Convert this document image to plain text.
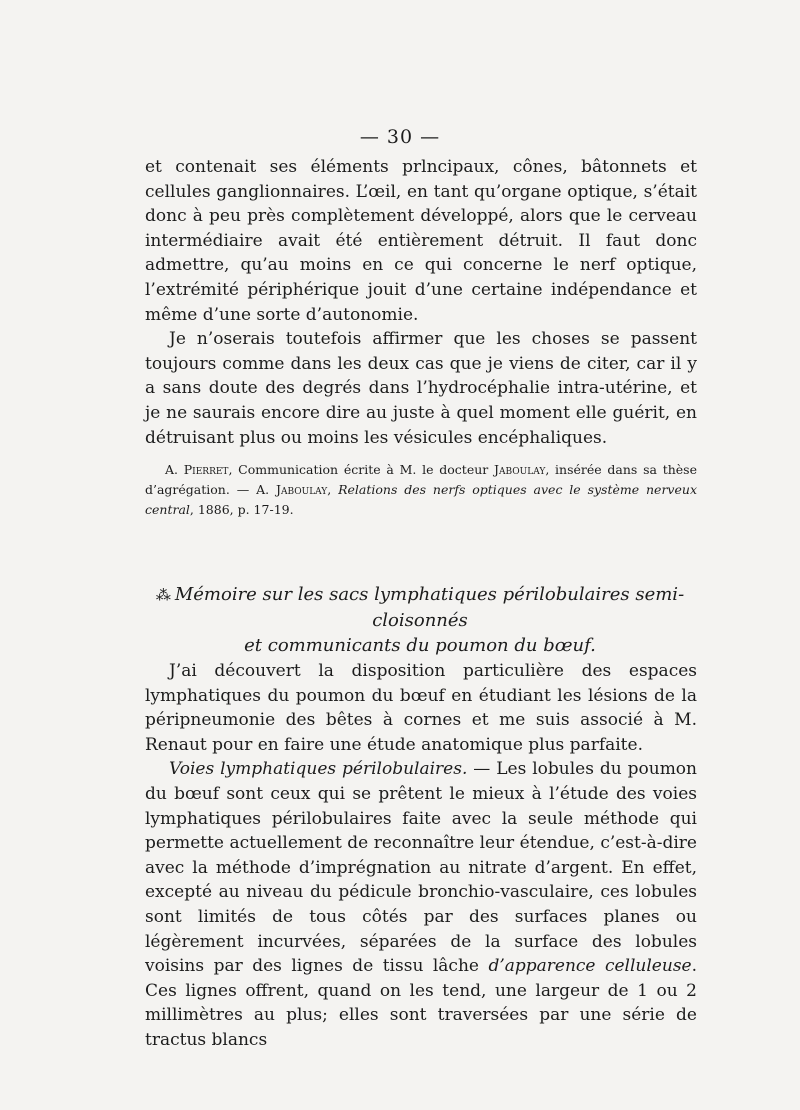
— 30 —

et contenait ses éléments prlncipaux, cônes, bâtonnets et cellules ganglionnaires. L’œil, en tant qu’organe optique, s’était donc à peu près complètement développé, alors que le cerveau intermédiaire avait été entièrement détruit. Il faut donc admettre, qu’au moins en ce qui concerne le nerf optique, l’extrémité périphérique jouit d’une certaine indépendance et même d’une sorte d’autonomie.

Je n’oserais toutefois affirmer que les choses se passent toujours comme dans les deux cas que je viens de citer, car il y a sans doute des degrés dans l’hydrocéphalie intra-utérine, et je ne saurais encore dire au juste à quel moment elle guérit, en détruisant plus ou moins les vésicules encéphaliques.

A. Pierret, Communication écrite à M. le docteur Jaboulay, insérée dans sa thèse d’agrégation. — A. Jaboulay, Relations des nerfs optiques avec le système nerveux central, 1886, p. 17-19.
⁂ Mémoire sur les sacs lymphatiques périlobulaires semi-cloisonnés
et communicants du poumon du bœuf.

J’ai découvert la disposition particulière des espaces lymphatiques du poumon du bœuf en étudiant les lésions de la péripneumonie des bêtes à cornes et me suis associé à M. Renaut pour en faire une étude anatomique plus parfaite.

Voies lymphatiques périlobulaires. — Les lobules du poumon du bœuf sont ceux qui se prêtent le mieux à l’étude des voies lymphatiques périlobulaires faite avec la seule méthode qui permette actuellement de reconnaître leur étendue, c’est-à-dire avec la méthode d’imprégnation au nitrate d’argent. En effet, excepté au niveau du pédicule bronchio-vasculaire, ces lobules sont limités de tous côtés par des surfaces planes ou légèrement incurvées, séparées de la surface des lobules voisins par des lignes de tissu lâche d’apparence celluleuse. Ces lignes offrent, quand on les tend, une largeur de 1 ou 2 millimètres au plus; elles sont traversées par une série de tractus blancs
